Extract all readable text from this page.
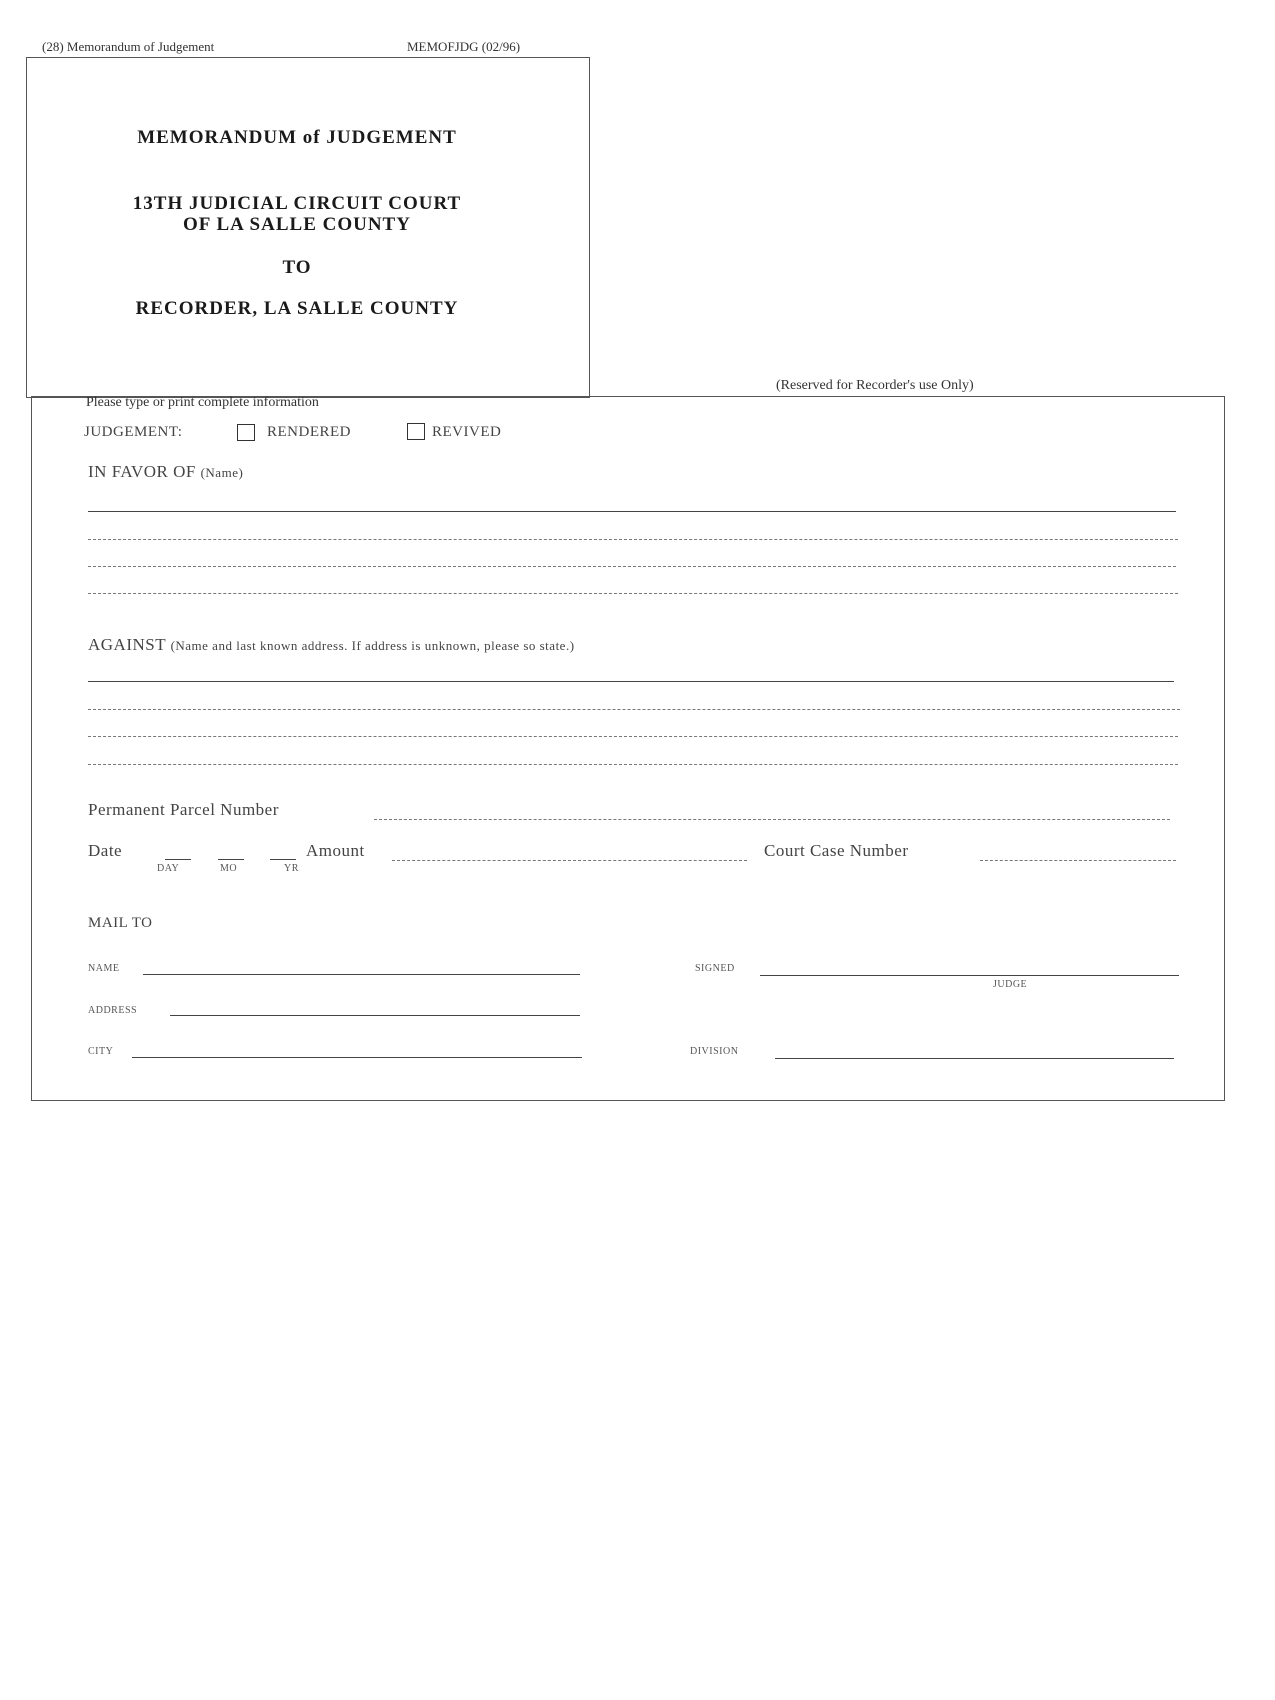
(28) Memorandum of Judgement	MEMOFJDG (02/96)
MEMORANDUM of JUDGEMENT
13TH JUDICIAL CIRCUIT COURT
OF LA SALLE COUNTY
TO
RECORDER, LA SALLE COUNTY
(Reserved for Recorder's use Only)
Please type or print complete information
JUDGEMENT:	RENDERED	REVIVED
IN FAVOR OF (Name)
AGAINST (Name and last known address. If address is unknown, please so state.)
Permanent Parcel Number
Date
DAY	MO	YR
Amount	Court Case Number
MAIL TO
NAME
ADDRESS
CITY
SIGNED
JUDGE
DIVISION
